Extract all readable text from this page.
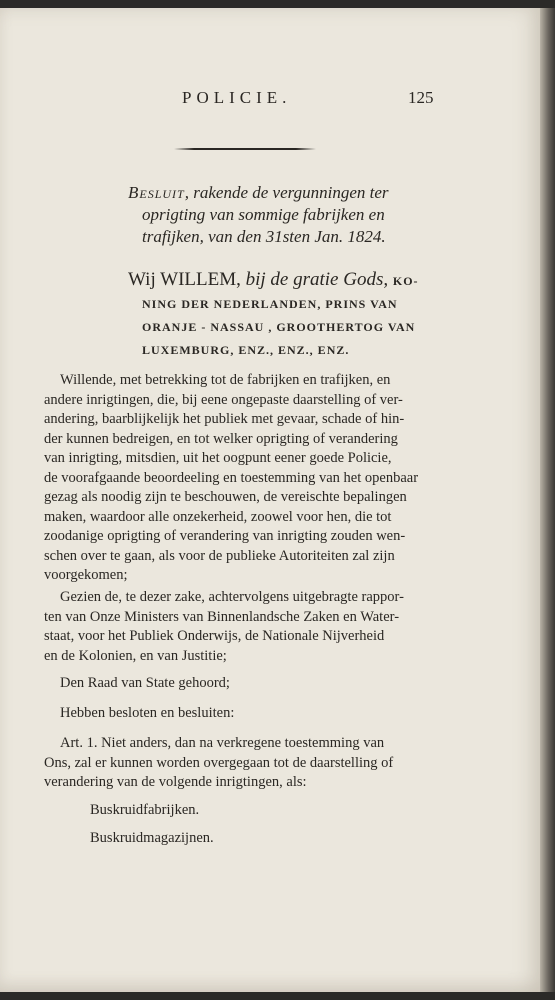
POLICIE.	125
Besluit, rakende de vergunningen ter
oprigting van sommige fabrijken en
trafijken, van den 31sten Jan. 1824.
Wij WILLEM, bij de gratie Gods, KO-
NING DER NEDERLANDEN, PRINS VAN
ORANJE - NASSAU , GROOTHERTOG VAN
LUXEMBURG, ENZ., ENZ., ENZ.
Willende, met betrekking tot de fabrijken en trafijken, en
andere inrigtingen, die, bij eene ongepaste daarstelling of ver-
andering, baarblijkelijk het publiek met gevaar, schade of hin-
der kunnen bedreigen, en tot welker oprigting of verandering
van inrigting, mitsdien, uit het oogpunt eener goede Policie,
de voorafgaande beoordeeling en toestemming van het openbaar
gezag als noodig zijn te beschouwen, de vereischte bepalingen
maken, waardoor alle onzekerheid, zoowel voor hen, die tot
zoodanige oprigting of verandering van inrigting zouden wen-
schen over te gaan, als voor de publieke Autoriteiten zal zijn
voorgekomen;
Gezien de, te dezer zake, achtervolgens uitgebragte rappor-
ten van Onze Ministers van Binnenlandsche Zaken en Water-
staat, voor het Publiek Onderwijs, de Nationale Nijverheid
en de Kolonien, en van Justitie;
Den Raad van State gehoord;
Hebben besloten en besluiten:
Art. 1. Niet anders, dan na verkregene toestemming van
Ons, zal er kunnen worden overgegaan tot de daarstelling of
verandering van de volgende inrigtingen, als:
Buskruidfabrijken.
Buskruidmagazijnen.
